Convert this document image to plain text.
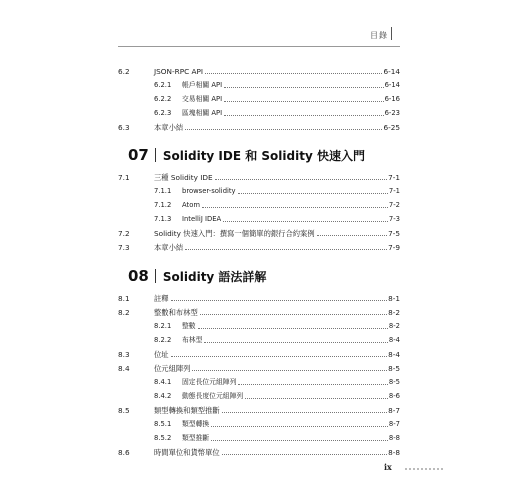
目錄
6.2	JSON-RPC API	6-14
6.2.1	帳戶相關 API	6-14
6.2.2	交易相關 API	6-16
6.2.3	區塊相關 API	6-23
6.3	本章小結	6-25
07 Solidity IDE 和 Solidity 快速入門
7.1	三種 Solidity IDE	7-1
7.1.1	browser-solidity	7-1
7.1.2	Atom	7-2
7.1.3	IntelliJ IDEA	7-3
7.2	Solidity 快速入門：撰寫一個簡單的銀行合約案例	7-5
7.3	本章小結	7-9
08 Solidity 語法詳解
8.1	註釋	8-1
8.2	整數和布林型	8-2
8.2.1	整數	8-2
8.2.2	布林型	8-4
8.3	位址	8-4
8.4	位元組陣列	8-5
8.4.1	固定長位元組陣列	8-5
8.4.2	動態長度位元組陣列	8-6
8.5	類型轉換和類型推斷	8-7
8.5.1	類型轉換	8-7
8.5.2	類型推斷	8-8
8.6	時間單位和貨幣單位	8-8
ix
